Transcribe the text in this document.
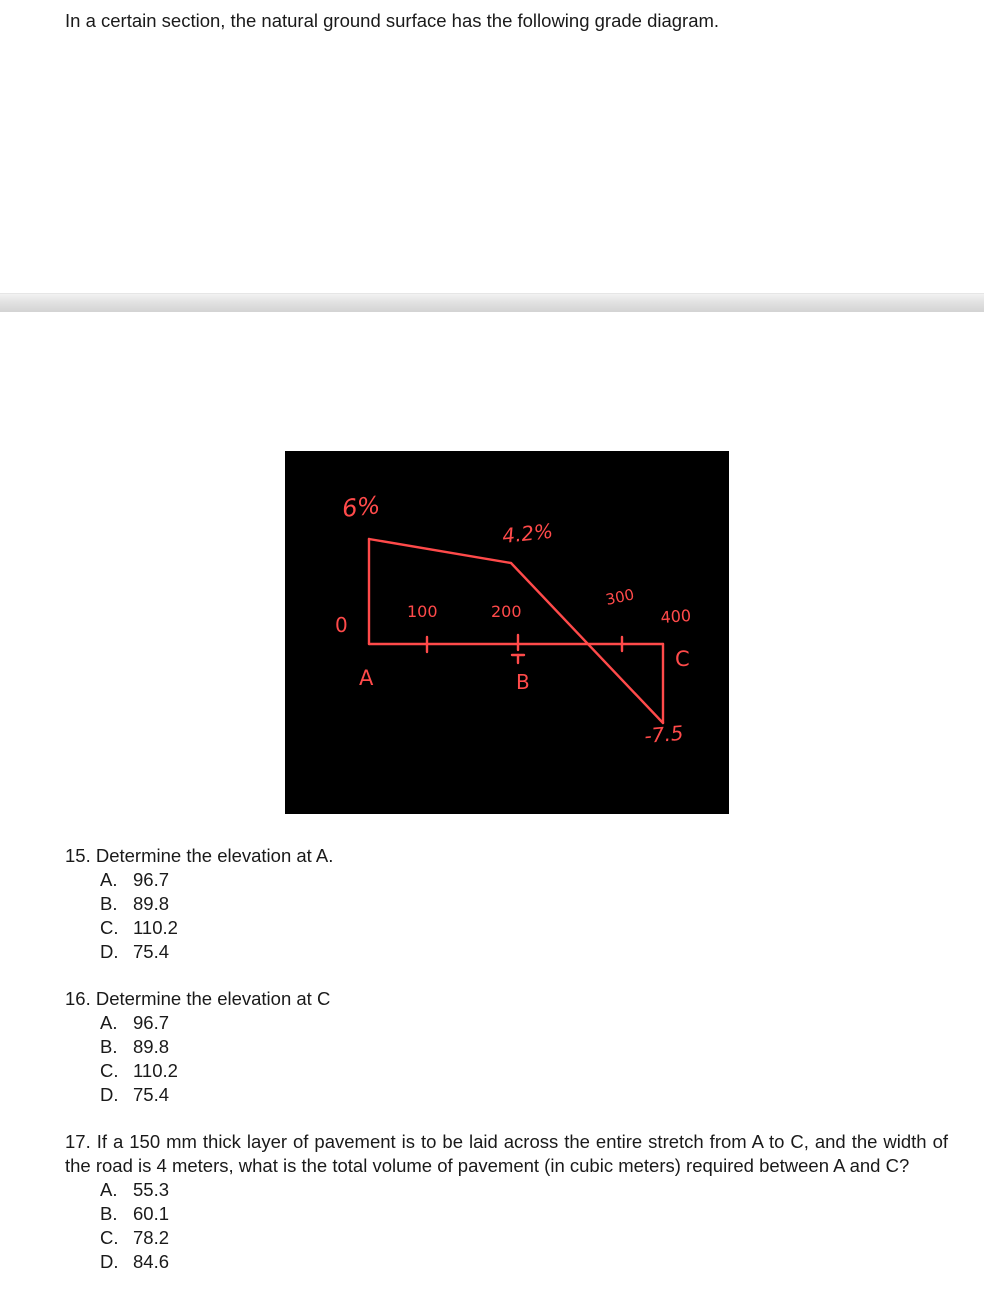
In a certain section, the natural ground surface has the following grade diagram.
6%
4.2%
0
100	200
300
400
A	B
C
-7.5

15. Determine the elevation at A.

A. 96.7
B. 89.8
C. 110.2
D. 75.4

16. Determine the elevation at C

A. 96.7
B. 89.8
C. 110.2
D. 75.4

17. If a 150 mm thick layer of pavement is to be laid across the entire stretch from A to C, and the width of the road is 4 meters, what is the total volume of pavement (in cubic meters) required between A and C?

A. 55.3
B. 60.1
C. 78.2
D. 84.6
